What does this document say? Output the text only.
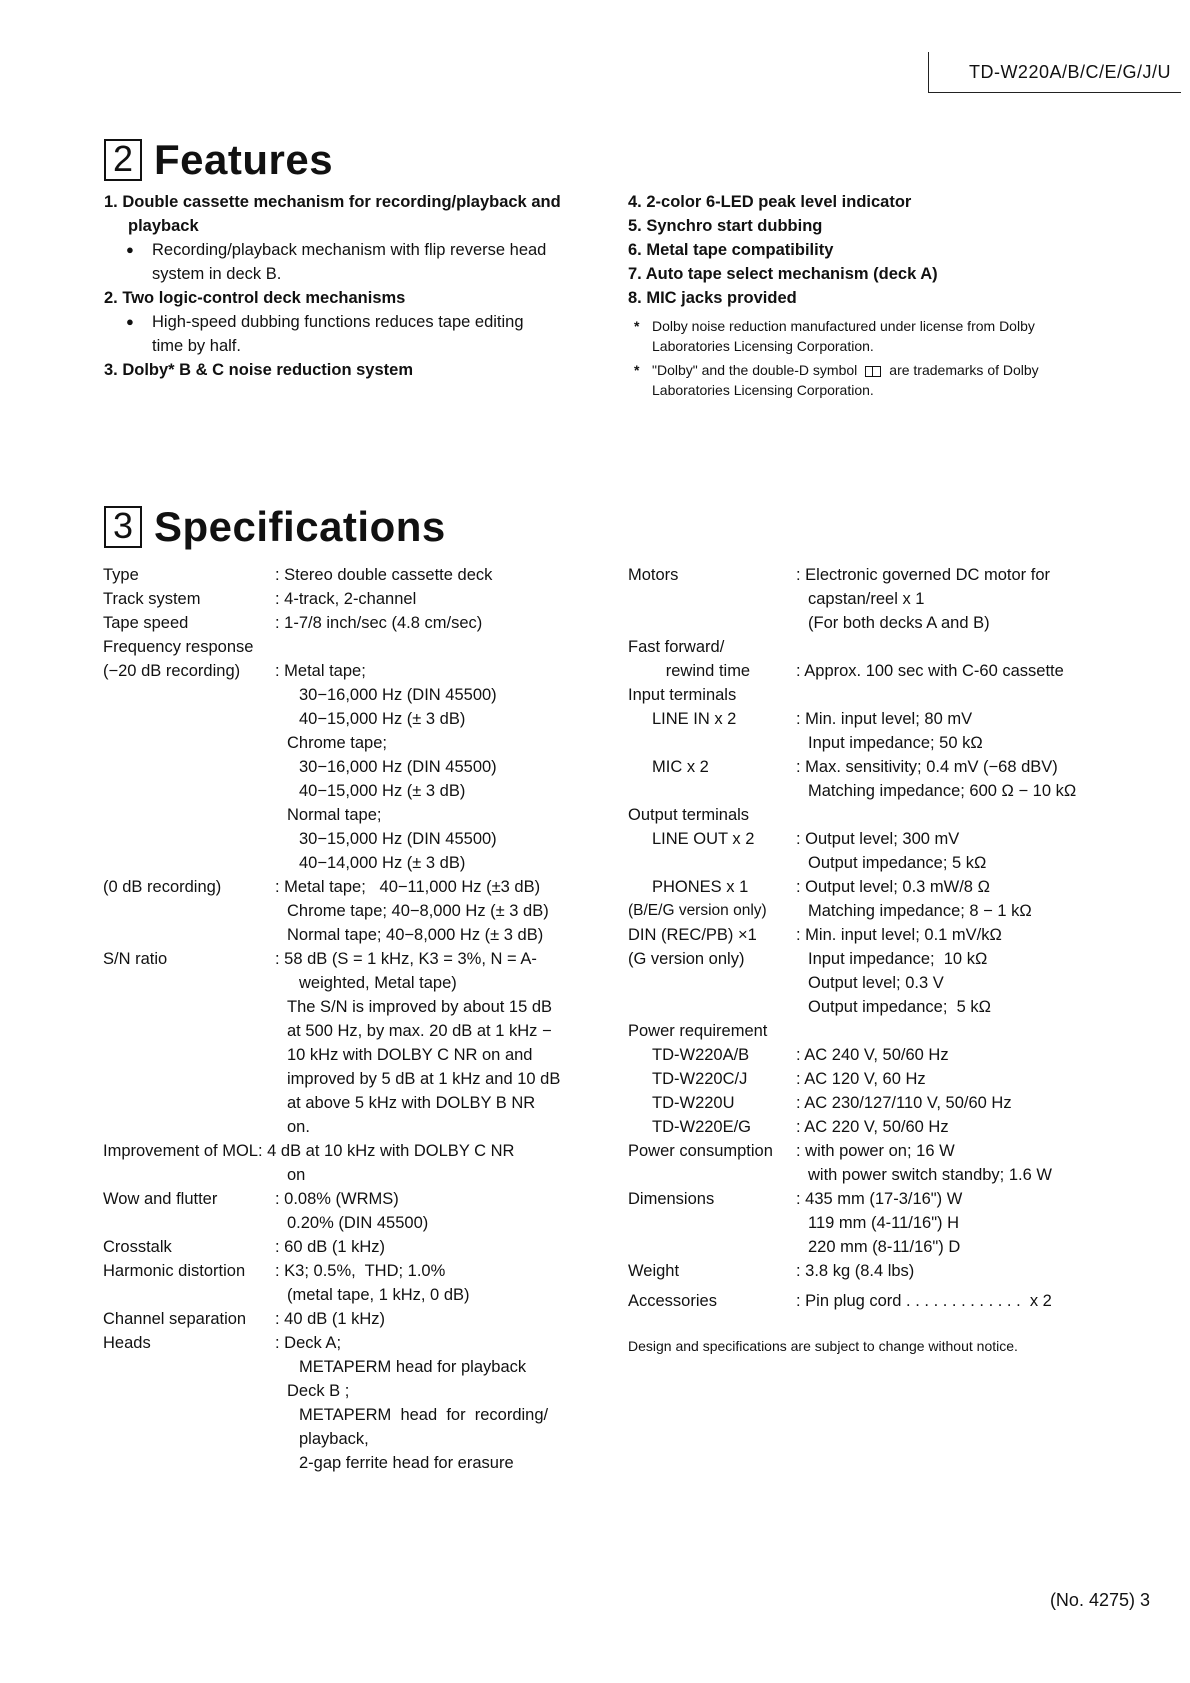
TD-W220A/B/C/E/G/J/U
2 Features
1. Double cassette mechanism for recording/playback and
playback
● Recording/playback mechanism with flip reverse head
system in deck B.
2. Two logic-control deck mechanisms
● High-speed dubbing functions reduces tape editing
time by half.
3. Dolby* B & C noise reduction system
4. 2-color 6-LED peak level indicator
5. Synchro start dubbing
6. Metal tape compatibility
7. Auto tape select mechanism (deck A)
8. MIC jacks provided
* Dolby noise reduction manufactured under license from Dolby
Laboratories Licensing Corporation.
* "Dolby" and the double-D symbol are trademarks of Dolby
Laboratories Licensing Corporation.
3 Specifications
Type	: Stereo double cassette deck
Track system	: 4-track, 2-channel
Tape speed	: 1-7/8 inch/sec (4.8 cm/sec)
Frequency response
(−20 dB recording)	: Metal tape;
30−16,000 Hz (DIN 45500)
40−15,000 Hz (± 3 dB)
Chrome tape;
30−16,000 Hz (DIN 45500)
40−15,000 Hz (± 3 dB)
Normal tape;
30−15,000 Hz (DIN 45500)
40−14,000 Hz (± 3 dB)
(0 dB recording)	: Metal tape;   40−11,000 Hz (±3 dB)
Chrome tape; 40−8,000 Hz (± 3 dB)
Normal tape; 40−8,000 Hz (± 3 dB)
S/N ratio	: 58 dB (S = 1 kHz, K3 = 3%, N = A-
weighted, Metal tape)
The S/N is improved by about 15 dB
at 500 Hz, by max. 20 dB at 1 kHz −
10 kHz with DOLBY C NR on and
improved by 5 dB at 1 kHz and 10 dB
at above 5 kHz with DOLBY B NR
on.
Improvement of MOL: 4 dB at 10 kHz with DOLBY C NR
on
Wow and flutter	: 0.08% (WRMS)
0.20% (DIN 45500)
Crosstalk	: 60 dB (1 kHz)
Harmonic distortion	: K3; 0.5%,  THD; 1.0%
(metal tape, 1 kHz, 0 dB)
Channel separation	: 40 dB (1 kHz)
Heads	: Deck A;
METAPERM head for playback
Deck B ;
METAPERM  head  for  recording/
playback,
2-gap ferrite head for erasure
Motors	: Electronic governed DC motor for
capstan/reel x 1
(For both decks A and B)
Fast forward/
rewind time	: Approx. 100 sec with C-60 cassette
Input terminals
LINE IN x 2	: Min. input level; 80 mV
Input impedance; 50 kΩ
MIC x 2	: Max. sensitivity; 0.4 mV (−68 dBV)
Matching impedance; 600 Ω − 10 kΩ
Output terminals
LINE OUT x 2	: Output level; 300 mV
Output impedance; 5 kΩ
PHONES x 1	: Output level; 0.3 mW/8 Ω
(B/E/G version only)	Matching impedance; 8 − 1 kΩ
DIN (REC/PB) ×1	: Min. input level; 0.1 mV/kΩ
(G version only)	Input impedance;  10 kΩ
Output level; 0.3 V
Output impedance;  5 kΩ
Power requirement
TD-W220A/B	: AC 240 V, 50/60 Hz
TD-W220C/J	: AC 120 V, 60 Hz
TD-W220U	: AC 230/127/110 V, 50/60 Hz
TD-W220E/G	: AC 220 V, 50/60 Hz
Power consumption	: with power on; 16 W
with power switch standby; 1.6 W
Dimensions	: 435 mm (17-3/16") W
119 mm (4-11/16") H
220 mm (8-11/16") D
Weight	: 3.8 kg (8.4 lbs)
Accessories	: Pin plug cord . . . . . . . . . . . . .  x 2
Design and specifications are subject to change without notice.
(No. 4275) 3
